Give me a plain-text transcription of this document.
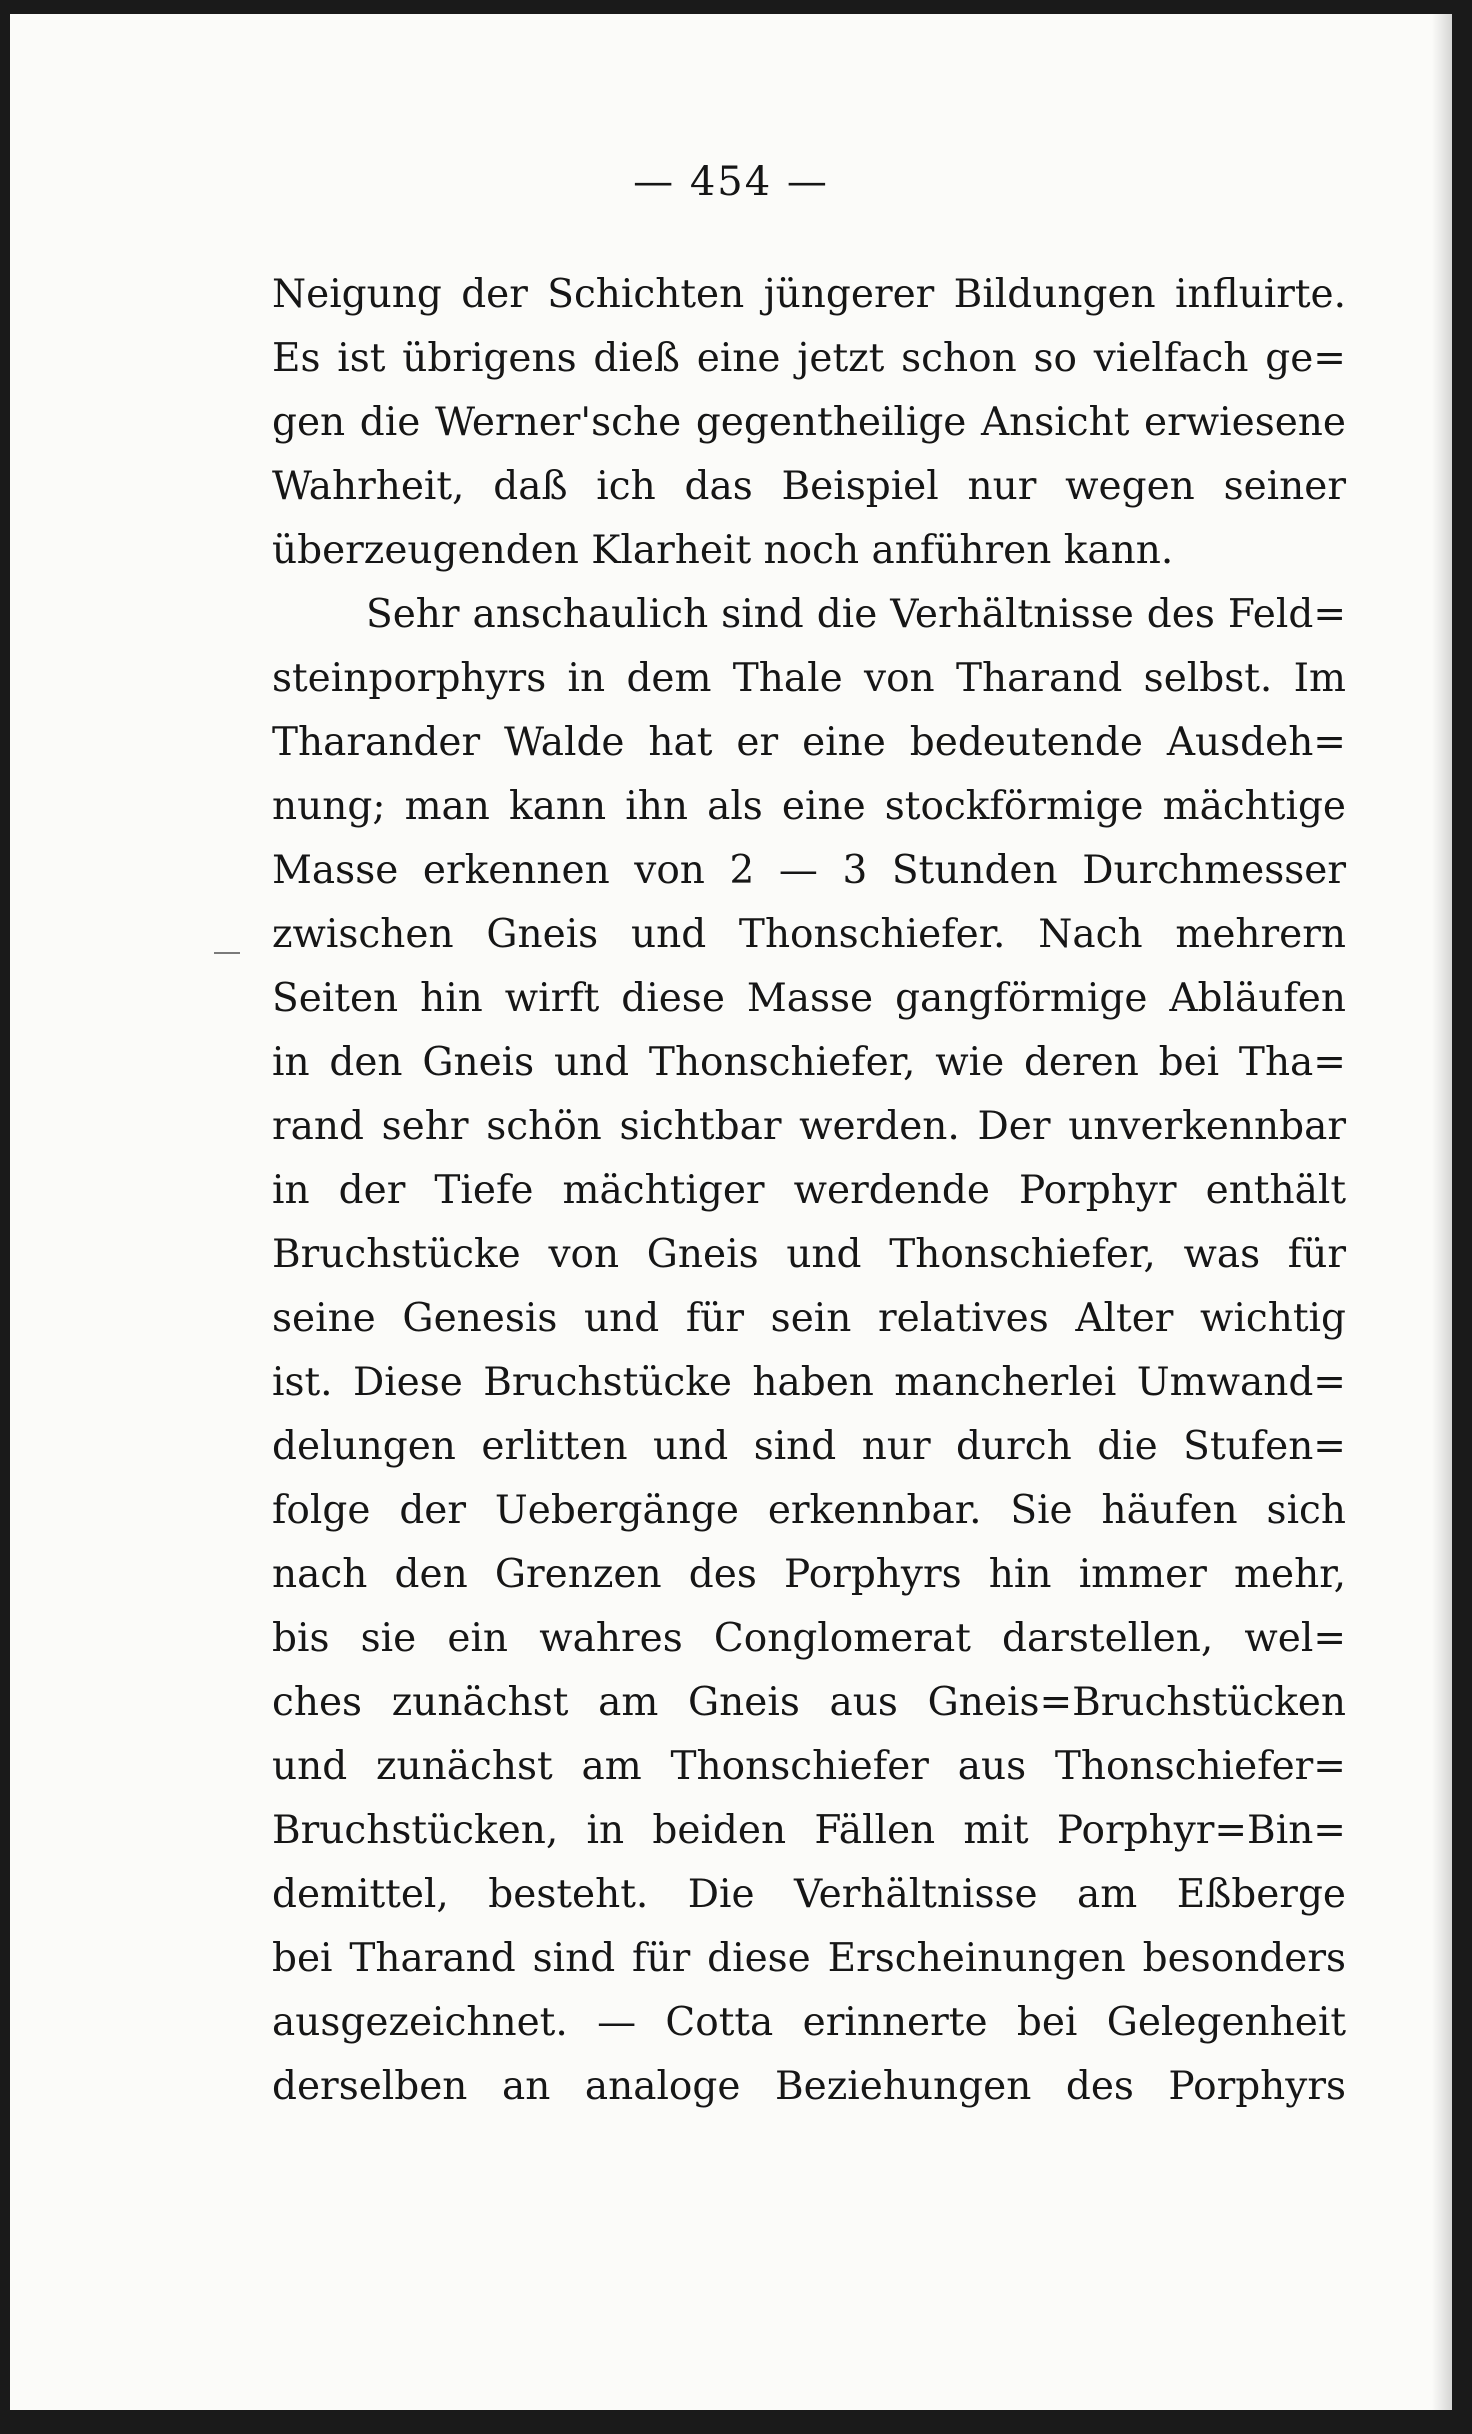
— 454 —
Neigung der Schichten jüngerer Bildungen influirte.
Es ist übrigens dieß eine jetzt schon so vielfach ge=
gen die Werner'sche gegentheilige Ansicht erwiesene
Wahrheit, daß ich das Beispiel nur wegen seiner
überzeugenden Klarheit noch anführen kann.
Sehr anschaulich sind die Verhältnisse des Feld=
steinporphyrs in dem Thale von Tharand selbst. Im
Tharander Walde hat er eine bedeutende Ausdeh=
nung; man kann ihn als eine stockförmige mächtige
Masse erkennen von 2 — 3 Stunden Durchmesser
zwischen Gneis und Thonschiefer. Nach mehrern
Seiten hin wirft diese Masse gangförmige Abläufen
in den Gneis und Thonschiefer, wie deren bei Tha=
rand sehr schön sichtbar werden. Der unverkennbar
in der Tiefe mächtiger werdende Porphyr enthält
Bruchstücke von Gneis und Thonschiefer, was für
seine Genesis und für sein relatives Alter wichtig
ist. Diese Bruchstücke haben mancherlei Umwand=
delungen erlitten und sind nur durch die Stufen=
folge der Uebergänge erkennbar. Sie häufen sich
nach den Grenzen des Porphyrs hin immer mehr,
bis sie ein wahres Conglomerat darstellen, wel=
ches zunächst am Gneis aus Gneis=Bruchstücken
und zunächst am Thonschiefer aus Thonschiefer=
Bruchstücken, in beiden Fällen mit Porphyr=Bin=
demittel, besteht. Die Verhältnisse am Eßberge
bei Tharand sind für diese Erscheinungen besonders
ausgezeichnet. — Cotta erinnerte bei Gelegenheit
derselben an analoge Beziehungen des Porphyrs
